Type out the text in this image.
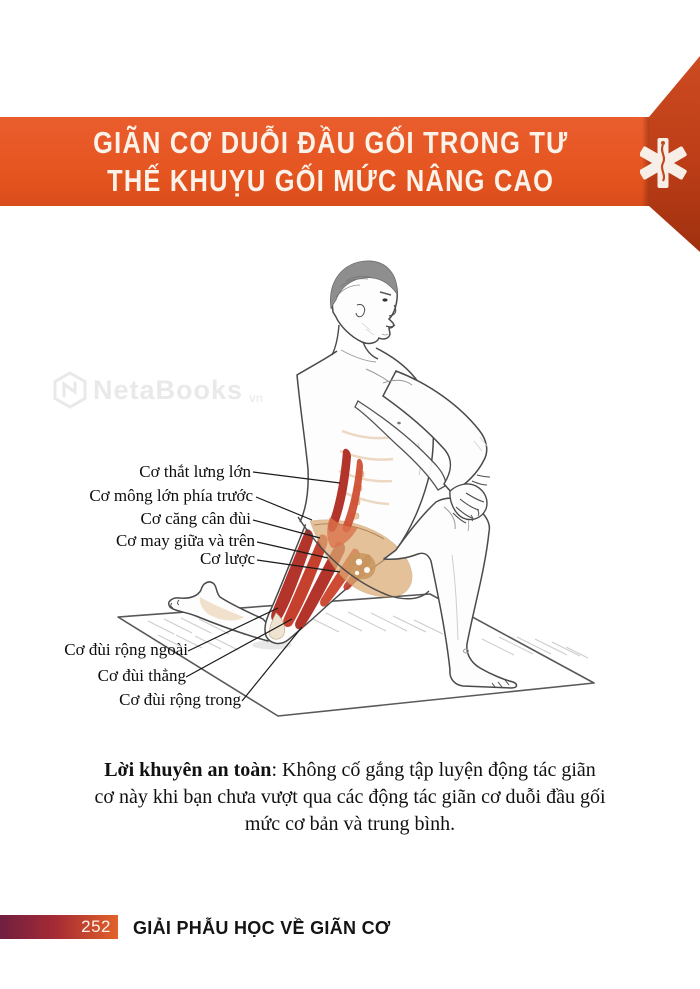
GIÃN CƠ DUỖI ĐẦU GỐI TRONG TƯ
THẾ KHUỴU GỐI MỨC NÂNG CAO
NetaBooks vn
Cơ thắt lưng lớn
Cơ mông lớn phía trước
Cơ căng cân đùi
Cơ may giữa và trên
Cơ lược
Cơ đùi rộng ngoài
Cơ đùi thẳng
Cơ đùi rộng trong
Lời khuyên an toàn: Không cố gắng tập luyện động tác giãn
cơ này khi bạn chưa vượt qua các động tác giãn cơ duỗi đầu gối
mức cơ bản và trung bình.
252 GIẢI PHẪU HỌC VỀ GIÃN CƠ
